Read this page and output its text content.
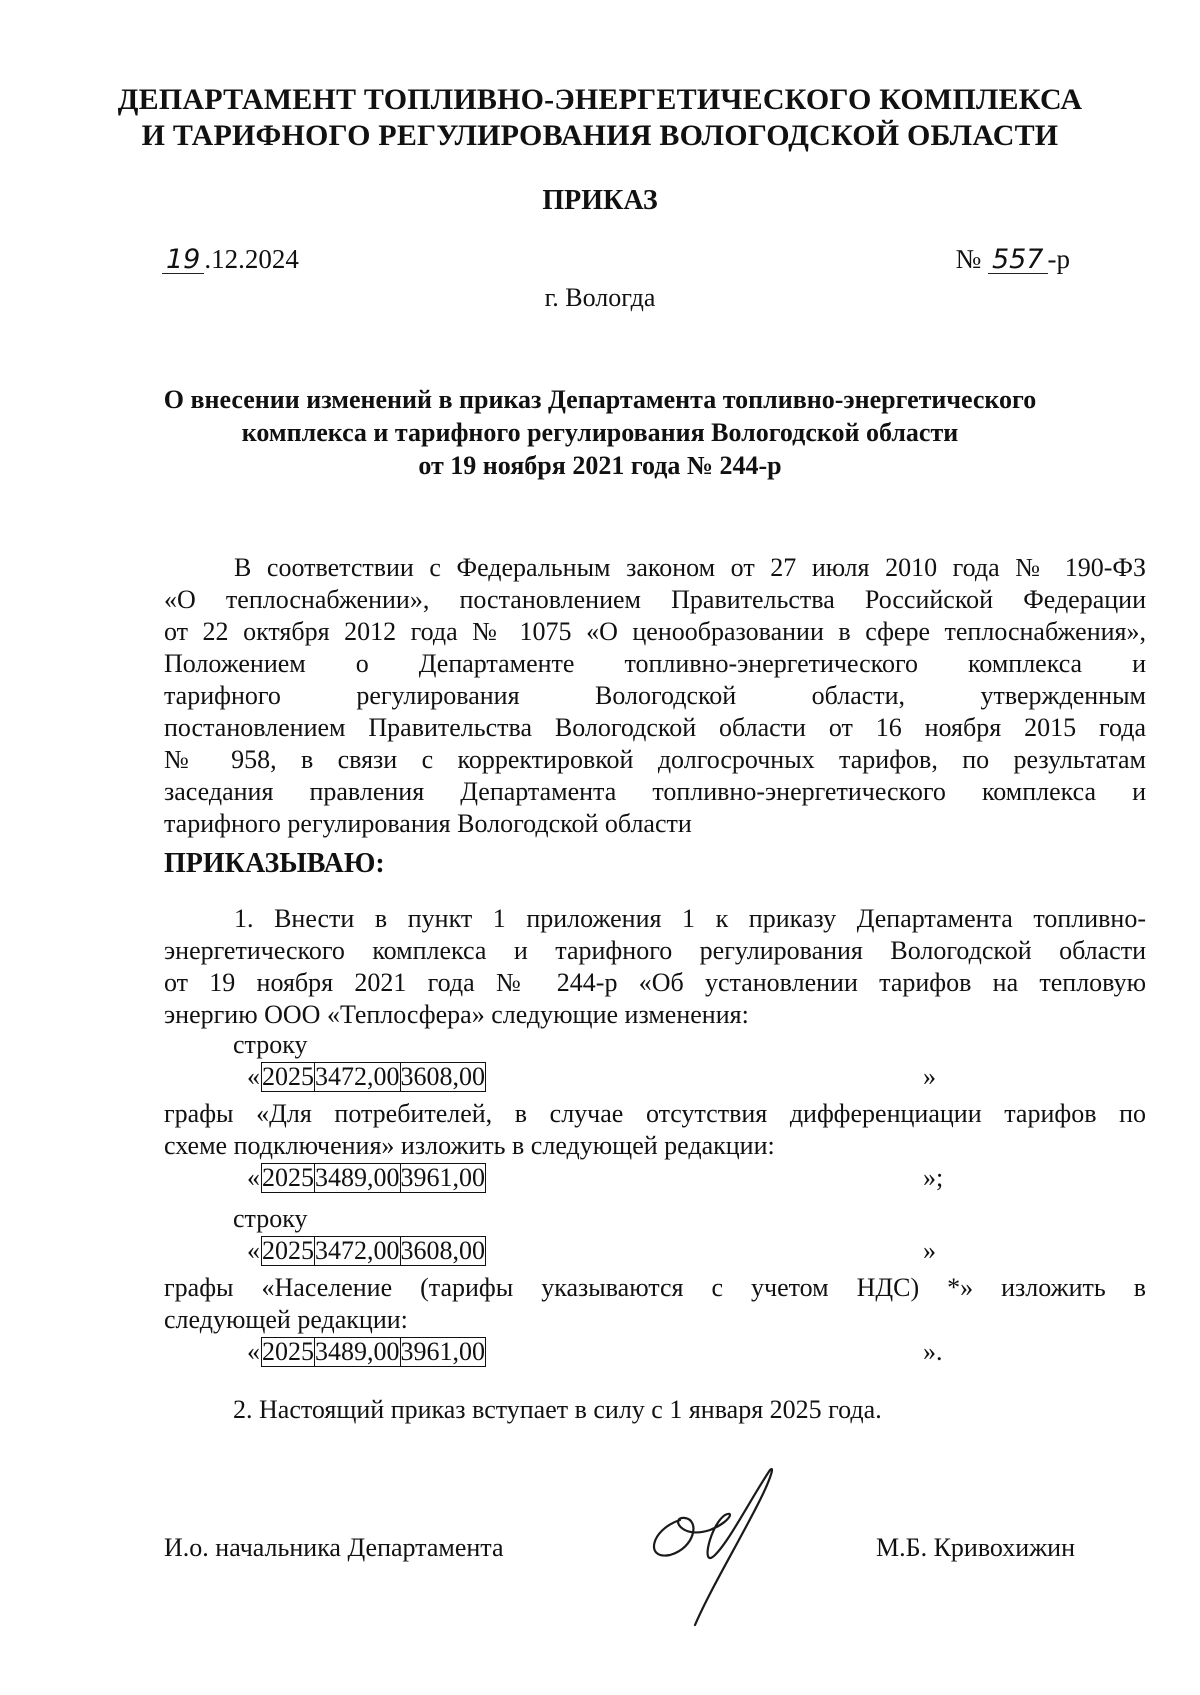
ДЕПАРТАМЕНТ ТОПЛИВНО-ЭНЕРГЕТИЧЕСКОГО КОМПЛЕКСА
И ТАРИФНОГО РЕГУЛИРОВАНИЯ ВОЛОГОДСКОЙ ОБЛАСТИ
ПРИКАЗ
19 .12.2024	№ 557 -р
г. Вологда
О внесении изменений в приказ Департамента топливно-энергетического
комплекса и тарифного регулирования Вологодской области
от 19 ноября 2021 года № 244-р
В соответствии с Федеральным законом от 27 июля 2010 года № 190-ФЗ
«О теплоснабжении», постановлением Правительства Российской Федерации
от 22 октября 2012 года № 1075 «О ценообразовании в сфере теплоснабжения»,
Положением о Департаменте топливно-энергетического комплекса и
тарифного регулирования Вологодской области, утвержденным
постановлением Правительства Вологодской области от 16 ноября 2015 года
№ 958, в связи с корректировкой долгосрочных тарифов, по результатам
заседания правления Департамента топливно-энергетического комплекса и
тарифного регулирования Вологодской области
ПРИКАЗЫВАЮ:
1. Внести в пункт 1 приложения 1 к приказу Департамента топливно-
энергетического комплекса и тарифного регулирования Вологодской области
от 19 ноября 2021 года № 244-р «Об установлении тарифов на тепловую
энергию ООО «Теплосфера» следующие изменения:
строку
« 2025	3472,00	3608,00	»
графы «Для потребителей, в случае отсутствия дифференциации тарифов по
схеме подключения» изложить в следующей редакции:
« 2025	3489,00	3961,00	»;
строку
« 2025	3472,00	3608,00	»
графы «Население (тарифы указываются с учетом НДС) *» изложить в
следующей редакции:
« 2025	3489,00	3961,00	».
2. Настоящий приказ вступает в силу с 1 января 2025 года.
И.о. начальника Департамента	М.Б. Кривохижин
